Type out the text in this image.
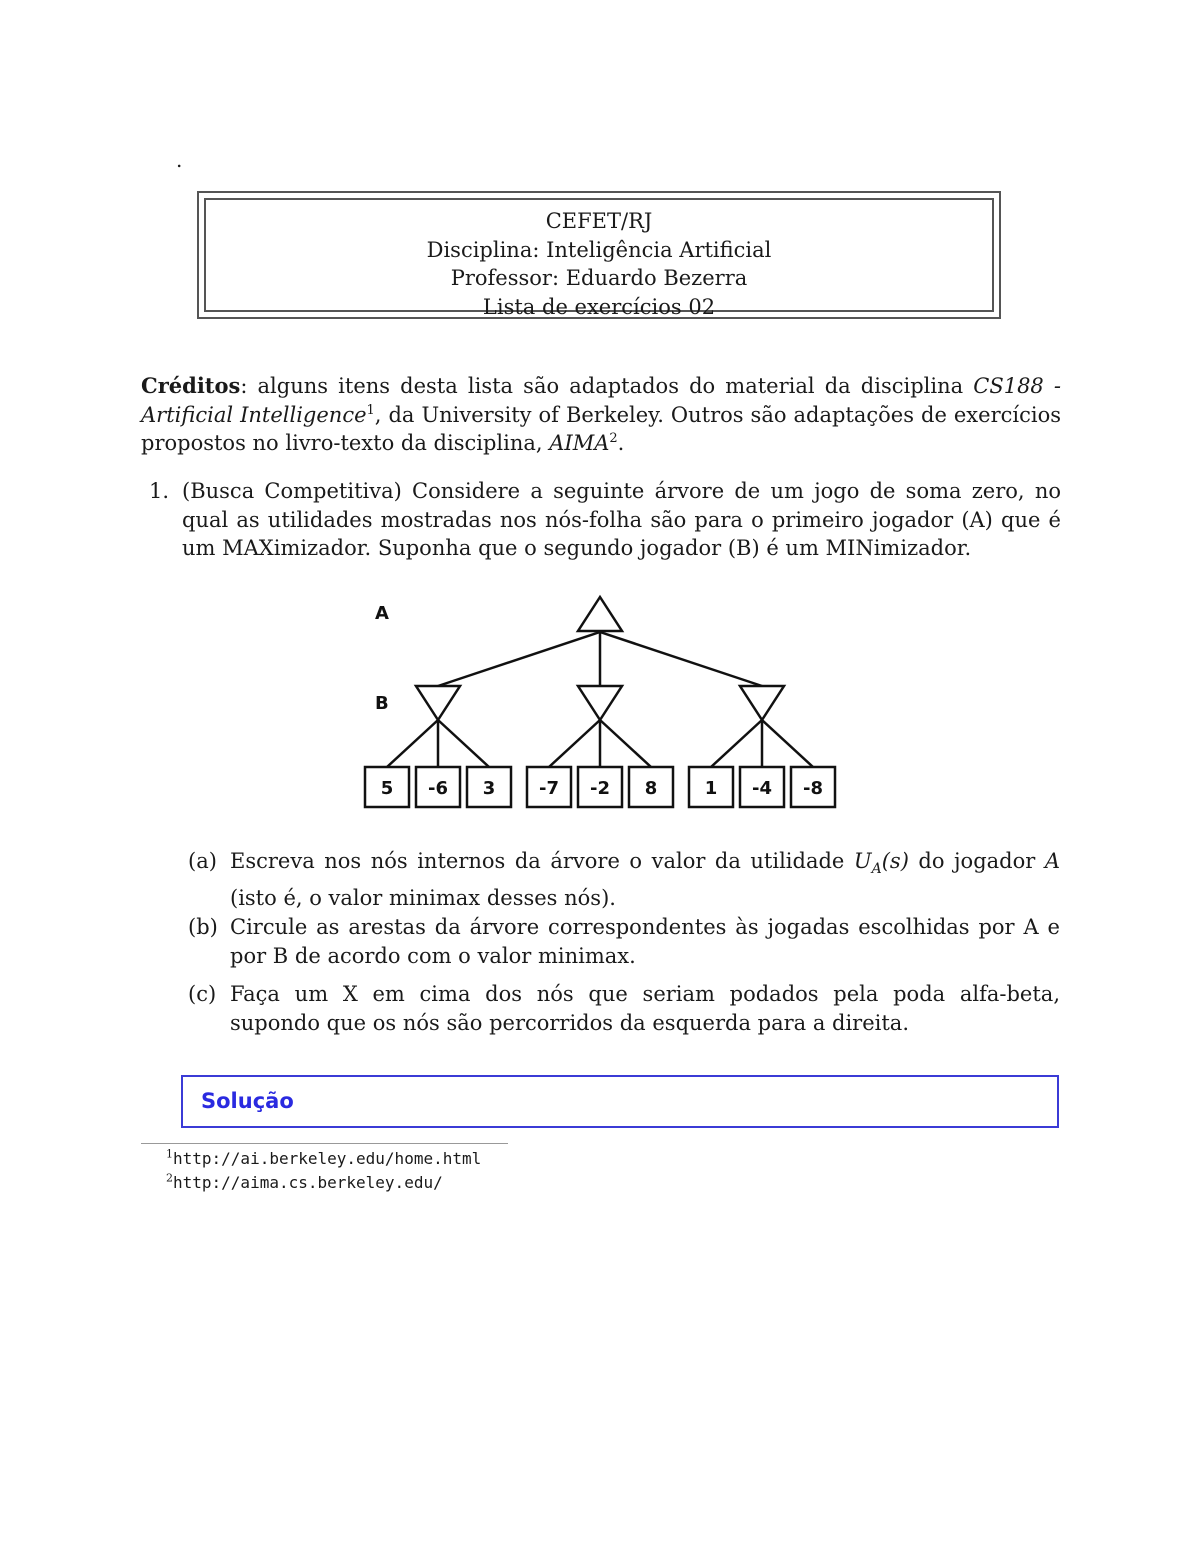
.
CEFET/RJ
Disciplina: Inteligência Artificial
Professor: Eduardo Bezerra
Lista de exercícios 02
Créditos: alguns itens desta lista são adaptados do material da disciplina CS188 - Artificial Intelligence$^1$, da University of Berkeley. Outros são adaptações de exercícios propostos no livro-texto da disciplina, AIMA$^2$.
1. (Busca Competitiva) Considere a seguinte árvore de um jogo de soma zero, no qual as utilidades mostradas nos nós-folha são para o primeiro jogador (A) que é um MAXimizador. Suponha que o segundo jogador (B) é um MINimizador.
A
B
5 -6 3 -7 -2 8	1 -4 -8
(a) Escreva nos nós internos da árvore o valor da utilidade $U_A(s)$ do jogador A (isto é, o valor minimax desses nós).
(b) Circule as arestas da árvore correspondentes às jogadas escolhidas por A e por B de acordo com o valor minimax.
(c) Faça um X em cima dos nós que seriam podados pela poda alfa-beta, supondo que os nós são percorridos da esquerda para a direita.
Solução
$^1$http://ai.berkeley.edu/home.html
$^2$http://aima.cs.berkeley.edu/
